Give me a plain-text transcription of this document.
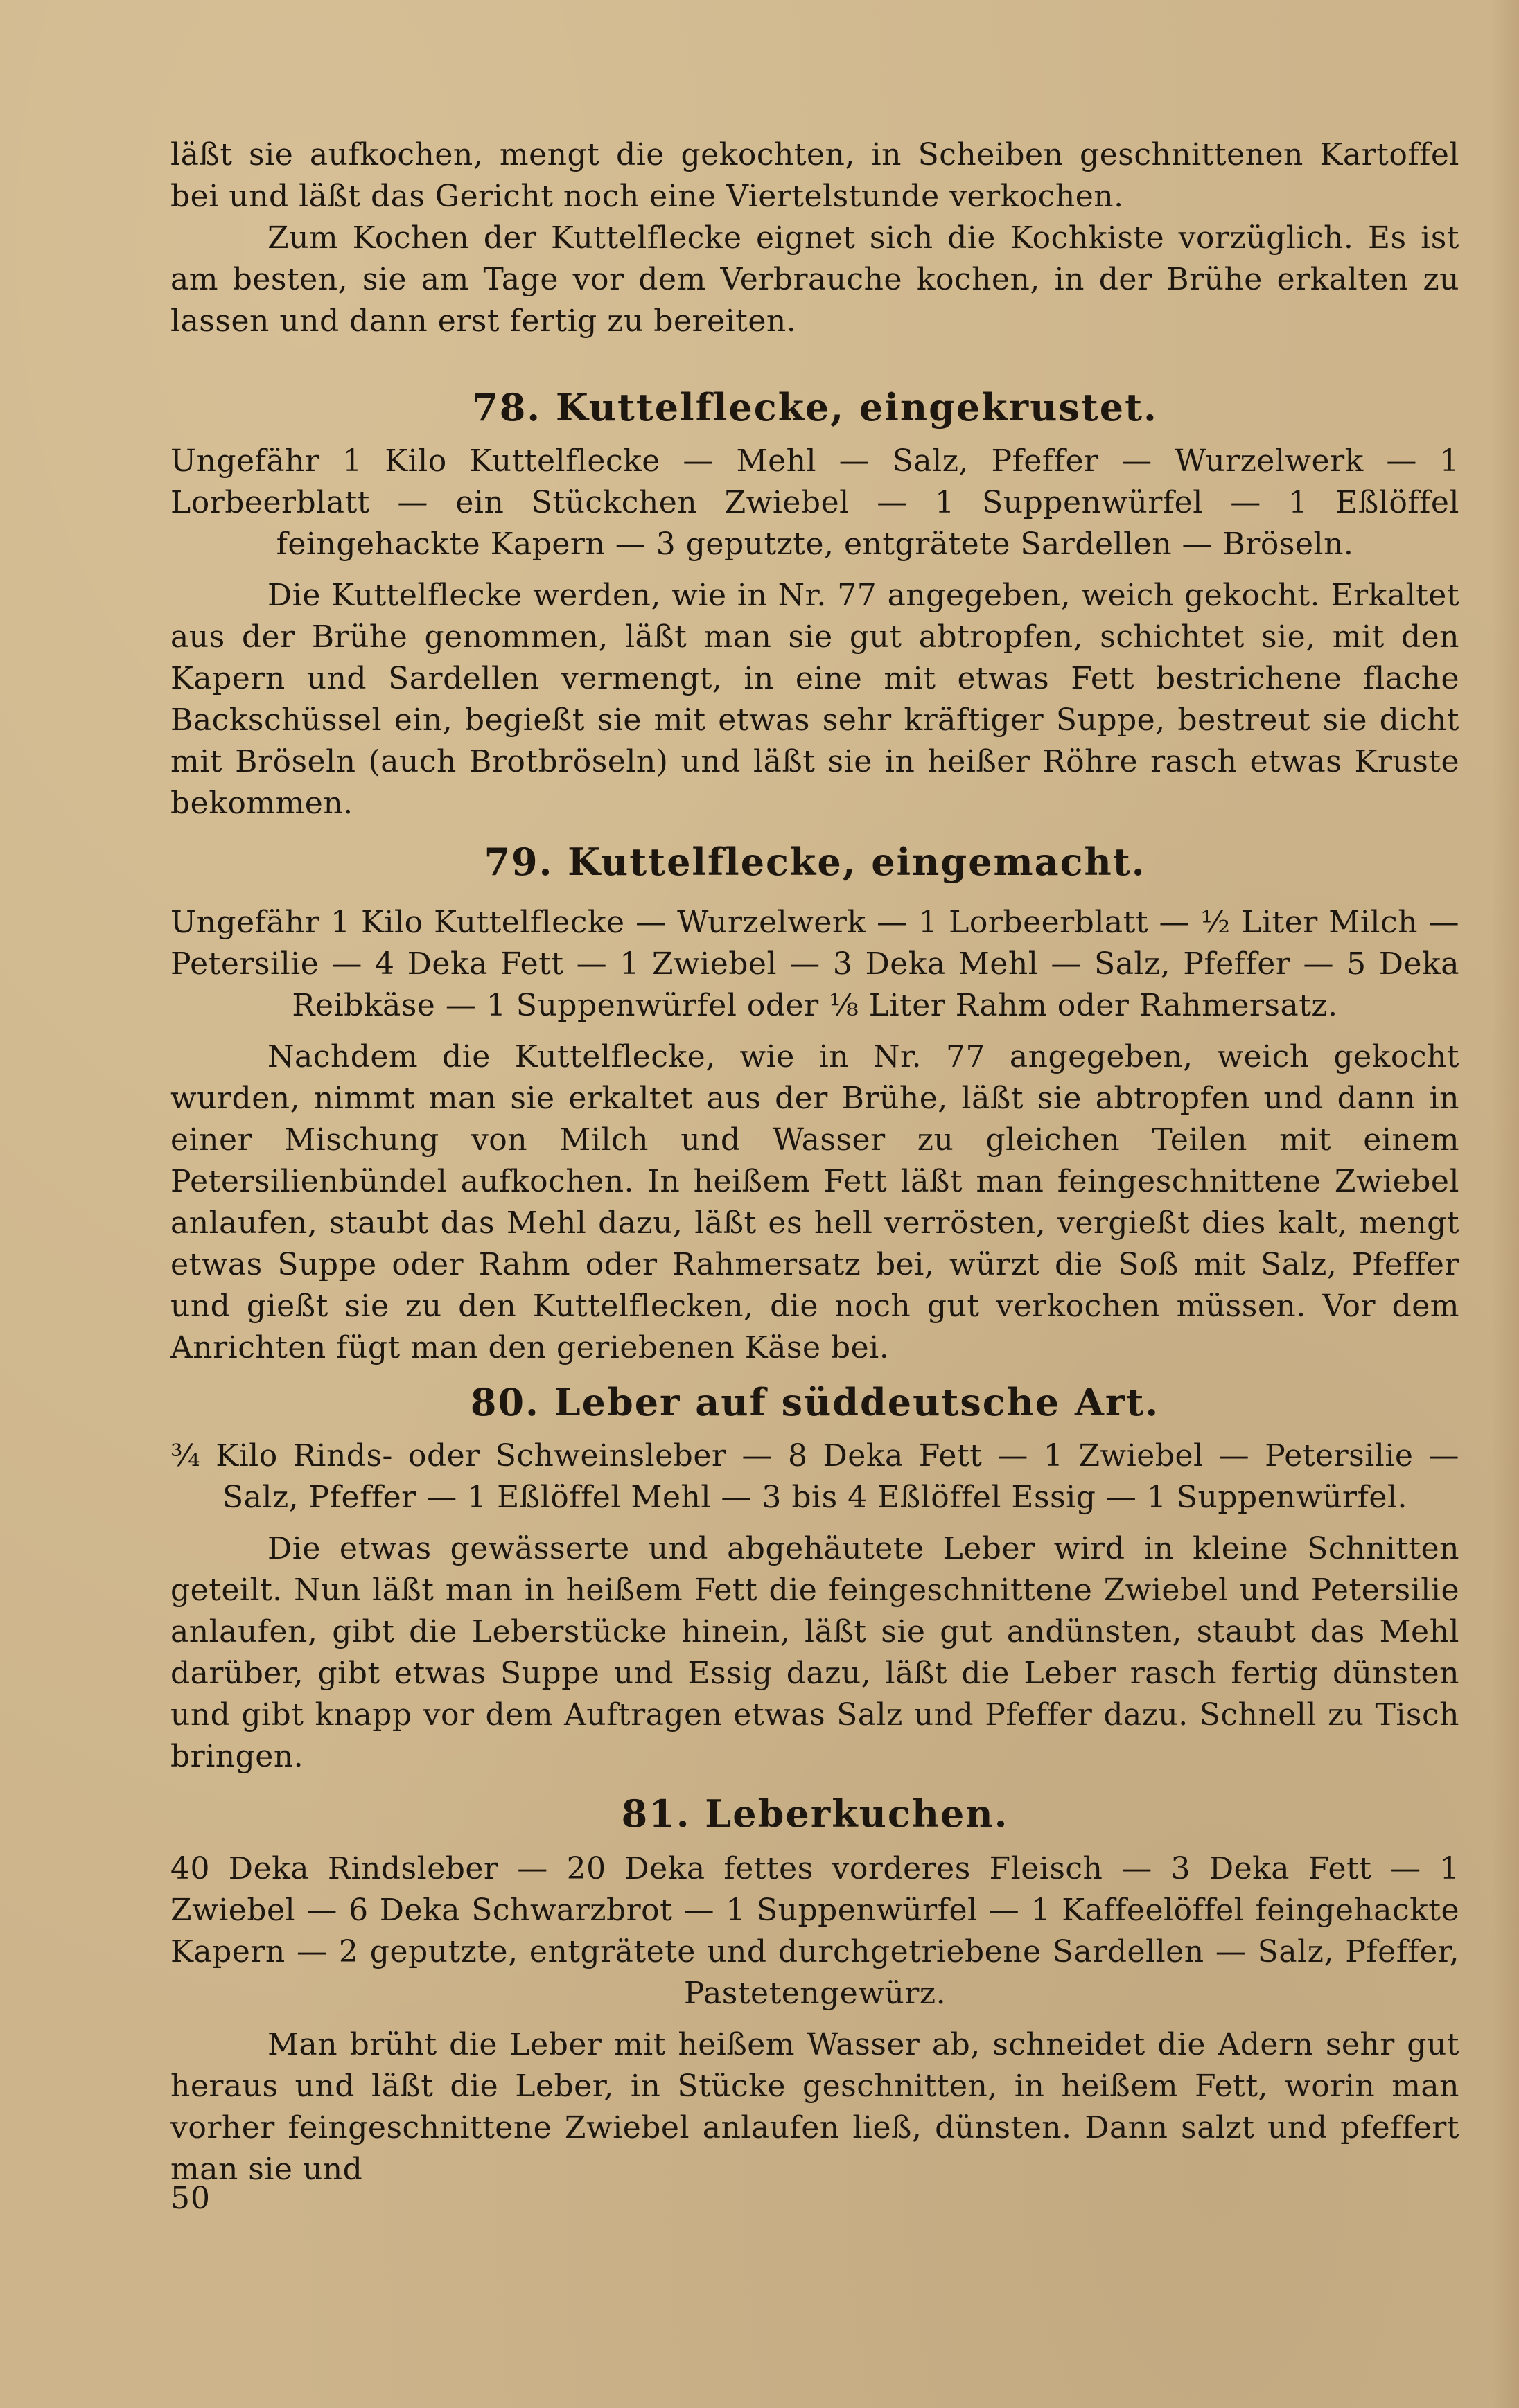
läßt sie aufkochen, mengt die gekochten, in Scheiben geschnittenen Kartoffel bei und läßt das Gericht noch eine Viertelstunde verkochen.

Zum Kochen der Kuttelflecke eignet sich die Kochkiste vorzüglich. Es ist am besten, sie am Tage vor dem Verbrauche kochen, in der Brühe erkalten zu lassen und dann erst fertig zu bereiten.

78. Kuttelflecke, eingekrustet.

Ungefähr 1 Kilo Kuttelflecke — Mehl — Salz, Pfeffer — Wurzelwerk — 1 Lorbeerblatt — ein Stückchen Zwiebel — 1 Suppenwürfel — 1 Eßlöffel feingehackte Kapern — 3 geputzte, entgrätete Sardellen — Bröseln.

Die Kuttelflecke werden, wie in Nr. 77 angegeben, weich gekocht. Erkaltet aus der Brühe genommen, läßt man sie gut abtropfen, schichtet sie, mit den Kapern und Sardellen vermengt, in eine mit etwas Fett bestrichene flache Backschüssel ein, begießt sie mit etwas sehr kräftiger Suppe, bestreut sie dicht mit Bröseln (auch Brotbröseln) und läßt sie in heißer Röhre rasch etwas Kruste bekommen.

79. Kuttelflecke, eingemacht.

Ungefähr 1 Kilo Kuttelflecke — Wurzelwerk — 1 Lorbeerblatt — ½ Liter Milch — Petersilie — 4 Deka Fett — 1 Zwiebel — 3 Deka Mehl — Salz, Pfeffer — 5 Deka Reibkäse — 1 Suppenwürfel oder ⅛ Liter Rahm oder Rahmersatz.

Nachdem die Kuttelflecke, wie in Nr. 77 angegeben, weich gekocht wurden, nimmt man sie erkaltet aus der Brühe, läßt sie abtropfen und dann in einer Mischung von Milch und Wasser zu gleichen Teilen mit einem Petersilienbündel aufkochen. In heißem Fett läßt man feingeschnittene Zwiebel anlaufen, staubt das Mehl dazu, läßt es hell verrösten, vergießt dies kalt, mengt etwas Suppe oder Rahm oder Rahmersatz bei, würzt die Soß mit Salz, Pfeffer und gießt sie zu den Kuttelflecken, die noch gut verkochen müssen. Vor dem Anrichten fügt man den geriebenen Käse bei.

80. Leber auf süddeutsche Art.

¾ Kilo Rinds- oder Schweinsleber — 8 Deka Fett — 1 Zwiebel — Petersilie — Salz, Pfeffer — 1 Eßlöffel Mehl — 3 bis 4 Eßlöffel Essig — 1 Suppenwürfel.

Die etwas gewässerte und abgehäutete Leber wird in kleine Schnitten geteilt. Nun läßt man in heißem Fett die feingeschnittene Zwiebel und Petersilie anlaufen, gibt die Leberstücke hinein, läßt sie gut andünsten, staubt das Mehl darüber, gibt etwas Suppe und Essig dazu, läßt die Leber rasch fertig dünsten und gibt knapp vor dem Auftragen etwas Salz und Pfeffer dazu. Schnell zu Tisch bringen.

81. Leberkuchen.

40 Deka Rindsleber — 20 Deka fettes vorderes Fleisch — 3 Deka Fett — 1 Zwiebel — 6 Deka Schwarzbrot — 1 Suppenwürfel — 1 Kaffeelöffel feingehackte Kapern — 2 geputzte, entgrätete und durchgetriebene Sardellen — Salz, Pfeffer, Pastetengewürz.

Man brüht die Leber mit heißem Wasser ab, schneidet die Adern sehr gut heraus und läßt die Leber, in Stücke geschnitten, in heißem Fett, worin man vorher feingeschnittene Zwiebel anlaufen ließ, dünsten. Dann salzt und pfeffert man sie und

50
